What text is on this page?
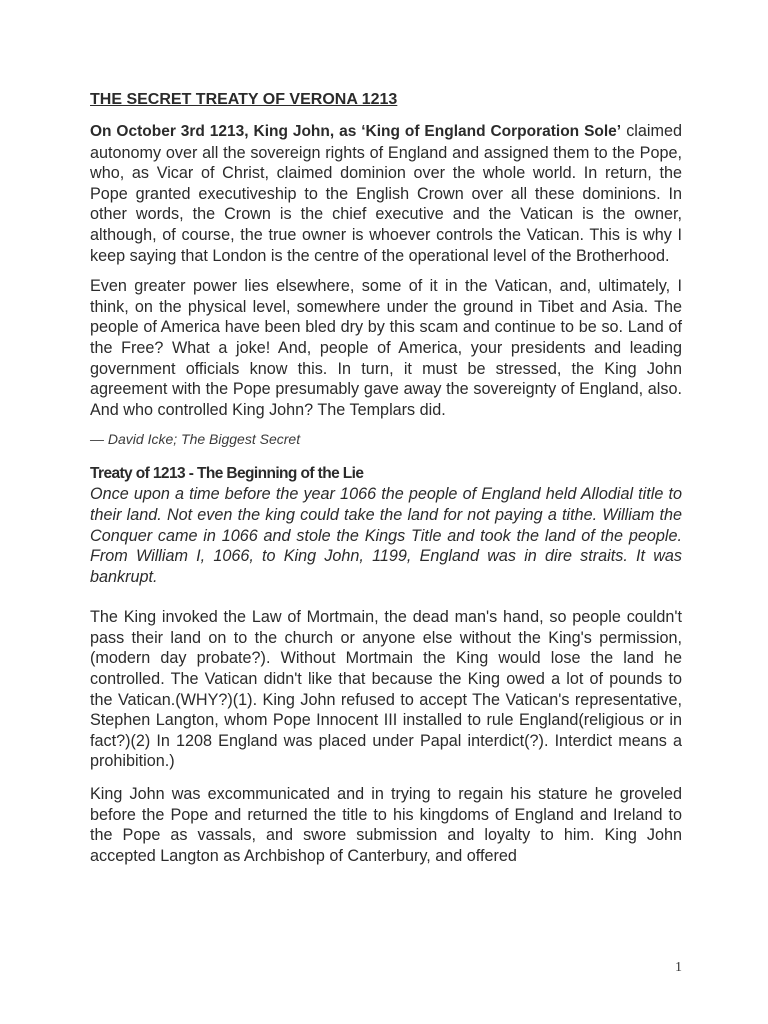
THE SECRET TREATY OF VERONA 1213

On October 3rd 1213, King John, as ‘King of England Corporation Sole’ claimed autonomy over all the sovereign rights of England and assigned them to the Pope, who, as Vicar of Christ, claimed dominion over the whole world. In return, the Pope granted executiveship to the English Crown over all these dominions. In other words, the Crown is the chief executive and the Vatican is the owner, although, of course, the true owner is whoever controls the Vatican. This is why I keep saying that London is the centre of the operational level of the Brotherhood.

Even greater power lies elsewhere, some of it in the Vatican, and, ultimately, I think, on the physical level, somewhere under the ground in Tibet and Asia. The people of America have been bled dry by this scam and continue to be so. Land of the Free? What a joke! And, people of America, your presidents and leading government officials know this. In turn, it must be stressed, the King John agreement with the Pope presumably gave away the sovereignty of England, also. And who controlled King John? The Templars did.

— David Icke; The Biggest Secret
Treaty of 1213 - The Beginning of the Lie

Once upon a time before the year 1066 the people of England held Allodial title to their land. Not even the king could take the land for not paying a tithe. William the Conquer came in 1066 and stole the Kings Title and took the land of the people. From William I, 1066, to King John, 1199, England was in dire straits. It was bankrupt.

The King invoked the Law of Mortmain, the dead man's hand, so people couldn't pass their land on to the church or anyone else without the King's permission, (modern day probate?). Without Mortmain the King would lose the land he controlled. The Vatican didn't like that because the King owed a lot of pounds to the Vatican.(WHY?)(1). King John refused to accept The Vatican's representative, Stephen Langton, whom Pope Innocent III installed to rule England(religious or in fact?)(2) In 1208 England was placed under Papal interdict(?). Interdict means a prohibition.)

King John was excommunicated and in trying to regain his stature he groveled before the Pope and returned the title to his kingdoms of England and Ireland to the Pope as vassals, and swore submission and loyalty to him. King John accepted Langton as Archbishop of Canterbury, and offered

1
